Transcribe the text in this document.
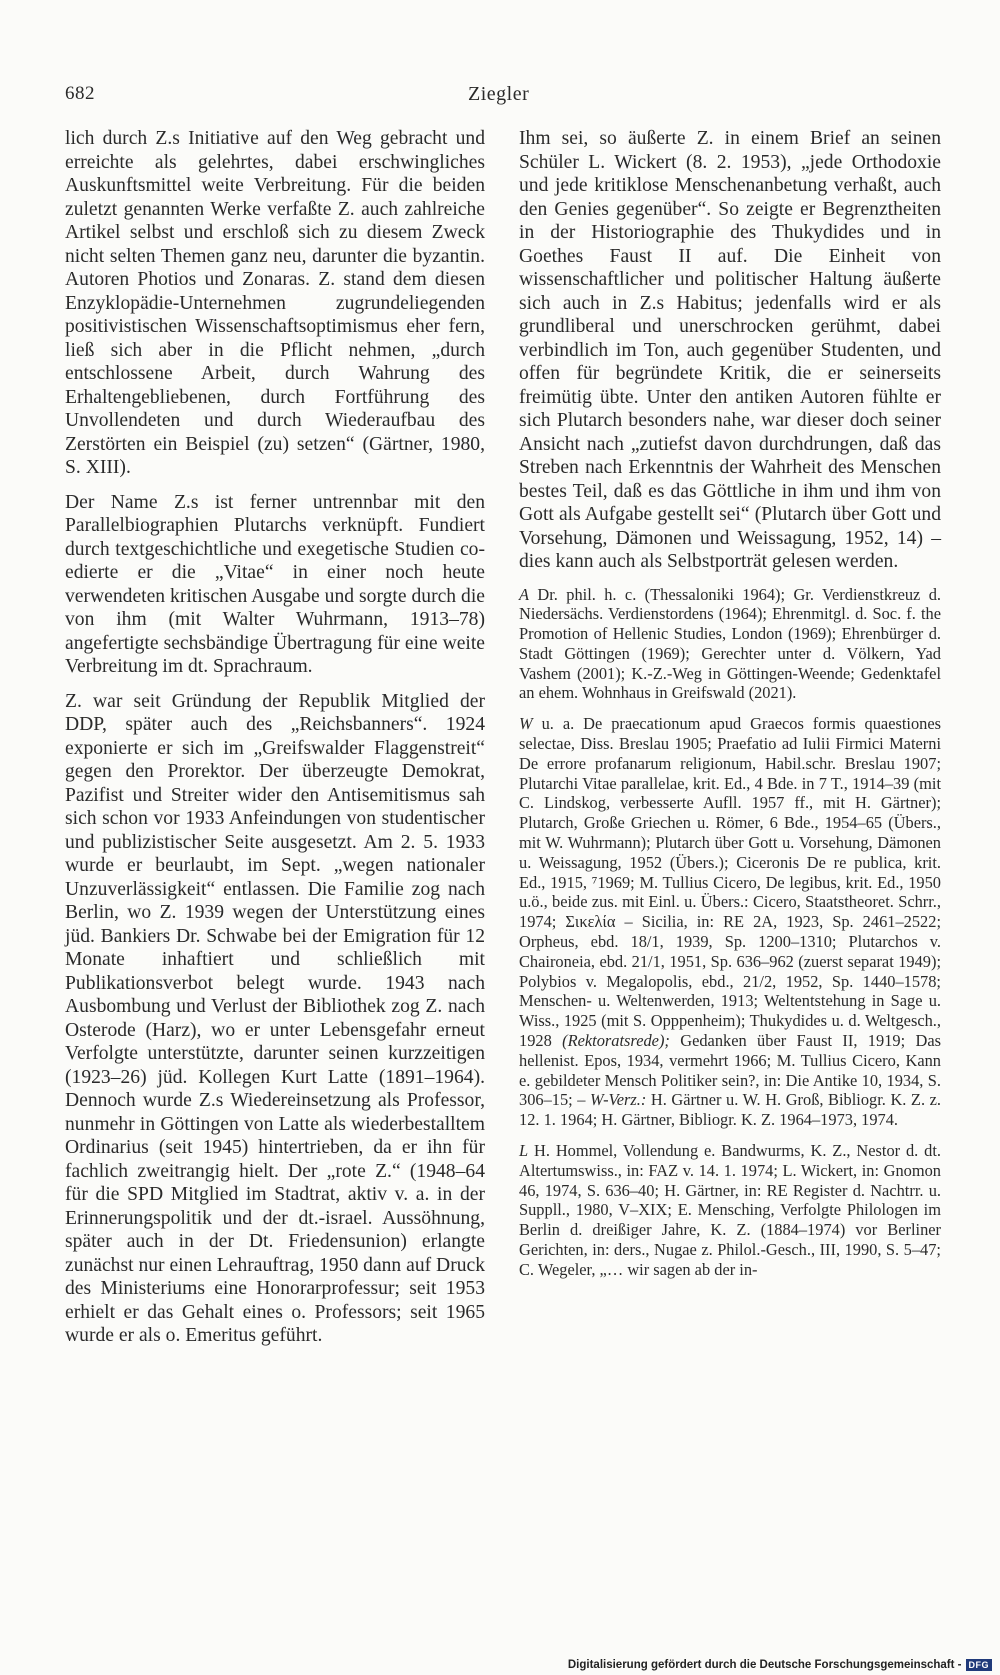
682	Ziegler

lich durch Z.s Initiative auf den Weg gebracht und erreichte als gelehrtes, dabei erschwingliches Auskunftsmittel weite Verbreitung. Für die beiden zuletzt genannten Werke verfaßte Z. auch zahlreiche Artikel selbst und erschloß sich zu diesem Zweck nicht selten Themen ganz neu, darunter die byzantin. Autoren Photios und Zonaras. Z. stand dem diesen Enzyklopädie-Unternehmen zugrundeliegenden positivistischen Wissenschaftsoptimismus eher fern, ließ sich aber in die Pflicht nehmen, „durch entschlossene Arbeit, durch Wahrung des Erhaltengebliebenen, durch Fortführung des Unvollendeten und durch Wiederaufbau des Zerstörten ein Beispiel (zu) setzen“ (Gärtner, 1980, S. XIII).

Der Name Z.s ist ferner untrennbar mit den Parallelbiographien Plutarchs verknüpft. Fundiert durch textgeschichtliche und exegetische Studien co-edierte er die „Vitae“ in einer noch heute verwendeten kritischen Ausgabe und sorgte durch die von ihm (mit Walter Wuhrmann, 1913–78) angefertigte sechsbändige Übertragung für eine weite Verbreitung im dt. Sprachraum.

Z. war seit Gründung der Republik Mitglied der DDP, später auch des „Reichsbanners“. 1924 exponierte er sich im „Greifswalder Flaggenstreit“ gegen den Prorektor. Der überzeugte Demokrat, Pazifist und Streiter wider den Antisemitismus sah sich schon vor 1933 Anfeindungen von studentischer und publizistischer Seite ausgesetzt. Am 2. 5. 1933 wurde er beurlaubt, im Sept. „wegen nationaler Unzuverlässigkeit“ entlassen. Die Familie zog nach Berlin, wo Z. 1939 wegen der Unterstützung eines jüd. Bankiers Dr. Schwabe bei der Emigration für 12 Monate inhaftiert und schließlich mit Publikationsverbot belegt wurde. 1943 nach Ausbombung und Verlust der Bibliothek zog Z. nach Osterode (Harz), wo er unter Lebensgefahr erneut Verfolgte unterstützte, darunter seinen kurzzeitigen (1923–26) jüd. Kollegen Kurt Latte (1891–1964). Dennoch wurde Z.s Wiedereinsetzung als Professor, nunmehr in Göttingen von Latte als wiederbestalltem Ordinarius (seit 1945) hintertrieben, da er ihn für fachlich zweitrangig hielt. Der „rote Z.“ (1948–64 für die SPD Mitglied im Stadtrat, aktiv v. a. in der Erinnerungspolitik und der dt.-israel. Aussöhnung, später auch in der Dt. Friedensunion) erlangte zunächst nur einen Lehrauftrag, 1950 dann auf Druck des Ministeriums eine Honorarprofessur; seit 1953 erhielt er das Gehalt eines o. Professors; seit 1965 wurde er als o. Emeritus geführt.

Ihm sei, so äußerte Z. in einem Brief an seinen Schüler L. Wickert (8. 2. 1953), „jede Orthodoxie und jede kritiklose Menschenanbetung verhaßt, auch den Genies gegenüber“. So zeigte er Begrenztheiten in der Historiographie des Thukydides und in Goethes Faust II auf. Die Einheit von wissenschaftlicher und politischer Haltung äußerte sich auch in Z.s Habitus; jedenfalls wird er als grundliberal und unerschrocken gerühmt, dabei verbindlich im Ton, auch gegenüber Studenten, und offen für begründete Kritik, die er seinerseits freimütig übte. Unter den antiken Autoren fühlte er sich Plutarch besonders nahe, war dieser doch seiner Ansicht nach „zutiefst davon durchdrungen, daß das Streben nach Erkenntnis der Wahrheit des Menschen bestes Teil, daß es das Göttliche in ihm und ihm von Gott als Aufgabe gestellt sei“ (Plutarch über Gott und Vorsehung, Dämonen und Weissagung, 1952, 14) – dies kann auch als Selbstporträt gelesen werden.

A Dr. phil. h. c. (Thessaloniki 1964); Gr. Verdienstkreuz d. Niedersächs. Verdienstordens (1964); Ehrenmitgl. d. Soc. f. the Promotion of Hellenic Studies, London (1969); Ehrenbürger d. Stadt Göttingen (1969); Gerechter unter d. Völkern, Yad Vashem (2001); K.-Z.-Weg in Göttingen-Weende; Gedenktafel an ehem. Wohnhaus in Greifswald (2021).

W u. a. De praecationum apud Graecos formis quaestiones selectae, Diss. Breslau 1905; Praefatio ad Iulii Firmici Materni De errore profanarum religionum, Habil.schr. Breslau 1907; Plutarchi Vitae parallelae, krit. Ed., 4 Bde. in 7 T., 1914–39 (mit C. Lindskog, verbesserte Aufll. 1957 ff., mit H. Gärtner); Plutarch, Große Griechen u. Römer, 6 Bde., 1954–65 (Übers., mit W. Wuhrmann); Plutarch über Gott u. Vorsehung, Dämonen u. Weissagung, 1952 (Übers.); Ciceronis De re publica, krit. Ed., 1915, ⁷1969; M. Tullius Cicero, De legibus, krit. Ed., 1950 u.ö., beide zus. mit Einl. u. Übers.: Cicero, Staatstheoret. Schrr., 1974; Σικελία – Sicilia, in: RE 2A, 1923, Sp. 2461–2522; Orpheus, ebd. 18/1, 1939, Sp. 1200–1310; Plutarchos v. Chaironeia, ebd. 21/1, 1951, Sp. 636–962 (zuerst separat 1949); Polybios v. Megalopolis, ebd., 21/2, 1952, Sp. 1440–1578; Menschen- u. Weltenwerden, 1913; Weltentstehung in Sage u. Wiss., 1925 (mit S. Opppenheim); Thukydides u. d. Weltgesch., 1928 (Rektoratsrede); Gedanken über Faust II, 1919; Das hellenist. Epos, 1934, vermehrt 1966; M. Tullius Cicero, Kann e. gebildeter Mensch Politiker sein?, in: Die Antike 10, 1934, S. 306–15; – W-Verz.: H. Gärtner u. W. H. Groß, Bibliogr. K. Z. z. 12. 1. 1964; H. Gärtner, Bibliogr. K. Z. 1964–1973, 1974.

L H. Hommel, Vollendung e. Bandwurms, K. Z., Nestor d. dt. Altertumswiss., in: FAZ v. 14. 1. 1974; L. Wickert, in: Gnomon 46, 1974, S. 636–40; H. Gärtner, in: RE Register d. Nachtrr. u. Suppll., 1980, V–XIX; E. Mensching, Verfolgte Philologen im Berlin d. dreißiger Jahre, K. Z. (1884–1974) vor Berliner Gerichten, in: ders., Nugae z. Philol.-Gesch., III, 1990, S. 5–47; C. Wegeler, „… wir sagen ab der in-

Digitalisierung gefördert durch die Deutsche Forschungsgemeinschaft - DFG
